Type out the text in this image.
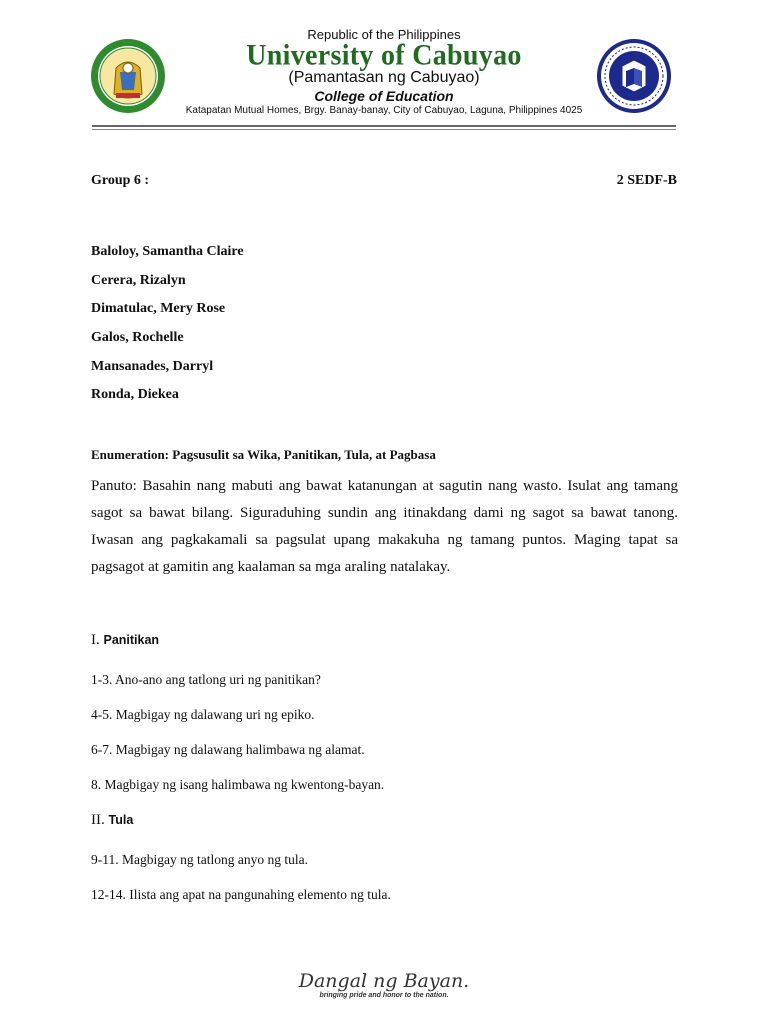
Republic of the Philippines
University of Cabuyao
(Pamantasan ng Cabuyao)
College of Education
Katapatan Mutual Homes, Brgy. Banay-banay, City of Cabuyao, Laguna, Philippines 4025
Group 6 :	2 SEDF-B
Baloloy, Samantha Claire
Cerera, Rizalyn
Dimatulac, Mery Rose
Galos, Rochelle
Mansanades, Darryl
Ronda, Diekea
Enumeration: Pagsusulit sa Wika, Panitikan, Tula, at Pagbasa
Panuto: Basahin nang mabuti ang bawat katanungan at sagutin nang wasto. Isulat ang tamang sagot sa bawat bilang. Siguraduhing sundin ang itinakdang dami ng sagot sa bawat tanong. Iwasan ang pagkakamali sa pagsulat upang makakuha ng tamang puntos. Maging tapat sa pagsagot at gamitin ang kaalaman sa mga araling natalakay.
I. Panitikan
1-3. Ano-ano ang tatlong uri ng panitikan?
4-5. Magbigay ng dalawang uri ng epiko.
6-7. Magbigay ng dalawang halimbawa ng alamat.
8. Magbigay ng isang halimbawa ng kwentong-bayan.
II. Tula
9-11. Magbigay ng tatlong anyo ng tula.
12-14. Ilista ang apat na pangunahing elemento ng tula.
Dangal ng Bayan.
bringing pride and honor to the nation.
